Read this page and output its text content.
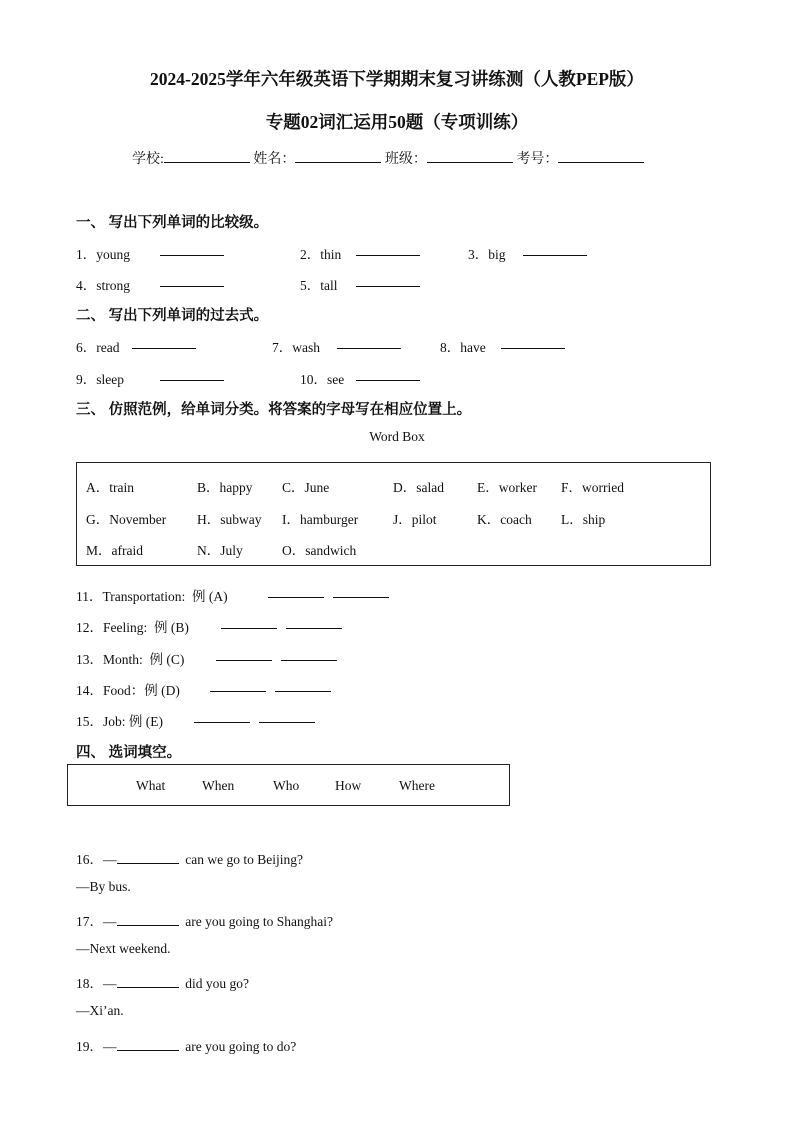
2024-2025学年六年级英语下学期期末复习讲练测（人教PEP版）
专题02词汇运用50题（专项训练）
学校:	姓名：	班级：	考号：
一、 写出下列单词的比较级。
1．young	2．thin	3．big
4．strong	5．tall
二、 写出下列单词的过去式。
6．read	7．wash	8．have
9．sleep	10．see
三、 仿照范例，给单词分类。将答案的字母写在相应位置上。
Word Box
A．train	B．happy C．June	D．salad E．worker F．worried
G．November H．subway I．hamburger	J．pilot	K．coach L．ship
M．afraid	N．July	O．sandwich
11．Transportation: 例 (A)
12．Feeling: 例 (B)
13．Month: 例 (C)
14．Food：例 (D)
15．Job: 例 (E)
四、 选词填空。
What	When	Who	How	Where
16．—	can we go to Beijing?
—By bus.
17．—	are you going to Shanghai?
—Next weekend.
18．—	did you go?
—Xi’an.
19．—	are you going to do?
